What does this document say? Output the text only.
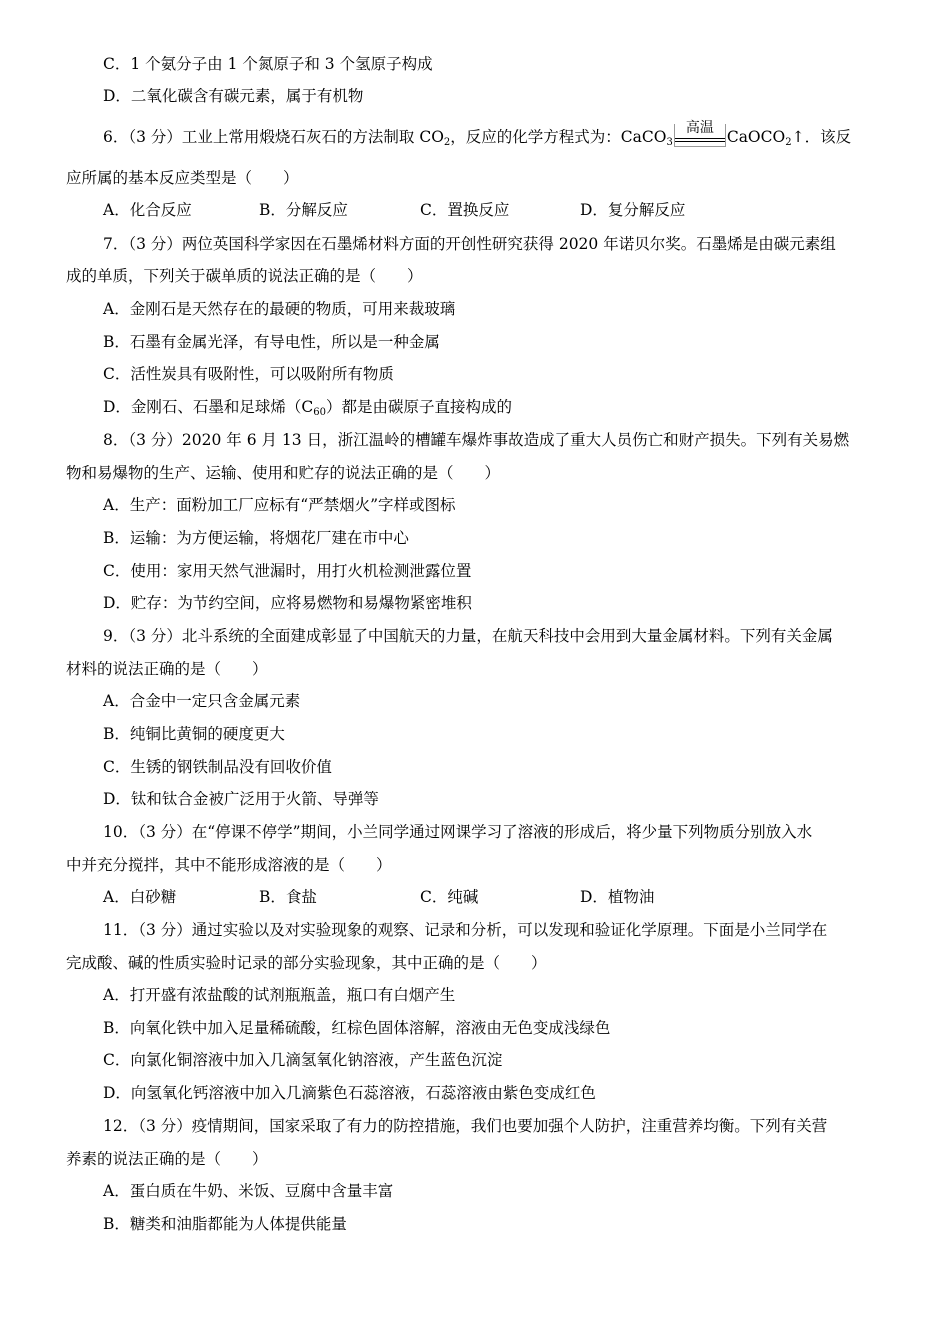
C．1 个氨分子由 1 个氮原子和 3 个氢原子构成
D．二氧化碳含有碳元素，属于有机物
6．（3 分）工业上常用煅烧石灰石的方法制取 $CO_2$，反应的化学方程式为：CaCO$_3$
高温 CaOCO$_2$↑．该反
应所属的基本反应类型是（　　）
A．化合反应	B．分解反应	C．置换反应	D．复分解反应
7．（3 分）两位英国科学家因在石墨烯材料方面的开创性研究获得 2020 年诺贝尔奖。石墨烯是由碳元素组
成的单质，下列关于碳单质的说法正确的是（　　）
A．金刚石是天然存在的最硬的物质，可用来裁玻璃
B．石墨有金属光泽，有导电性，所以是一种金属
C．活性炭具有吸附性，可以吸附所有物质
D．金刚石、石墨和足球烯$(C_{60})$都是由碳原子直接构成的
8．（3 分）2020 年 6 月 13 日，浙江温岭的槽罐车爆炸事故造成了重大人员伤亡和财产损失。下列有关易燃
物和易爆物的生产、运输、使用和贮存的说法正确的是（　　）
A．生产：面粉加工厂应标有“严禁烟火”字样或图标
B．运输：为方便运输，将烟花厂建在市中心
C．使用：家用天然气泄漏时，用打火机检测泄露位置
D．贮存：为节约空间，应将易燃物和易爆物紧密堆积
9．（3 分）北斗系统的全面建成彰显了中国航天的力量，在航天科技中会用到大量金属材料。下列有关金属
材料的说法正确的是（　　）
A．合金中一定只含金属元素
B．纯铜比黄铜的硬度更大
C．生锈的钢铁制品没有回收价值
D．钛和钛合金被广泛用于火箭、导弹等
10．（3 分）在“停课不停学”期间，小兰同学通过网课学习了溶液的形成后，将少量下列物质分别放入水
中并充分搅拌，其中不能形成溶液的是（　　）
A．白砂糖	B．食盐	C．纯碱	D．植物油
11．（3 分）通过实验以及对实验现象的观察、记录和分析，可以发现和验证化学原理。下面是小兰同学在
完成酸、碱的性质实验时记录的部分实验现象，其中正确的是（　　）
A．打开盛有浓盐酸的试剂瓶瓶盖，瓶口有白烟产生
B．向氧化铁中加入足量稀硫酸，红棕色固体溶解，溶液由无色变成浅绿色
C．向氯化铜溶液中加入几滴氢氧化钠溶液，产生蓝色沉淀
D．向氢氧化钙溶液中加入几滴紫色石蕊溶液，石蕊溶液由紫色变成红色
12．（3 分）疫情期间，国家采取了有力的防控措施，我们也要加强个人防护，注重营养均衡。下列有关营
养素的说法正确的是（　　）
A．蛋白质在牛奶、米饭、豆腐中含量丰富
B．糖类和油脂都能为人体提供能量
